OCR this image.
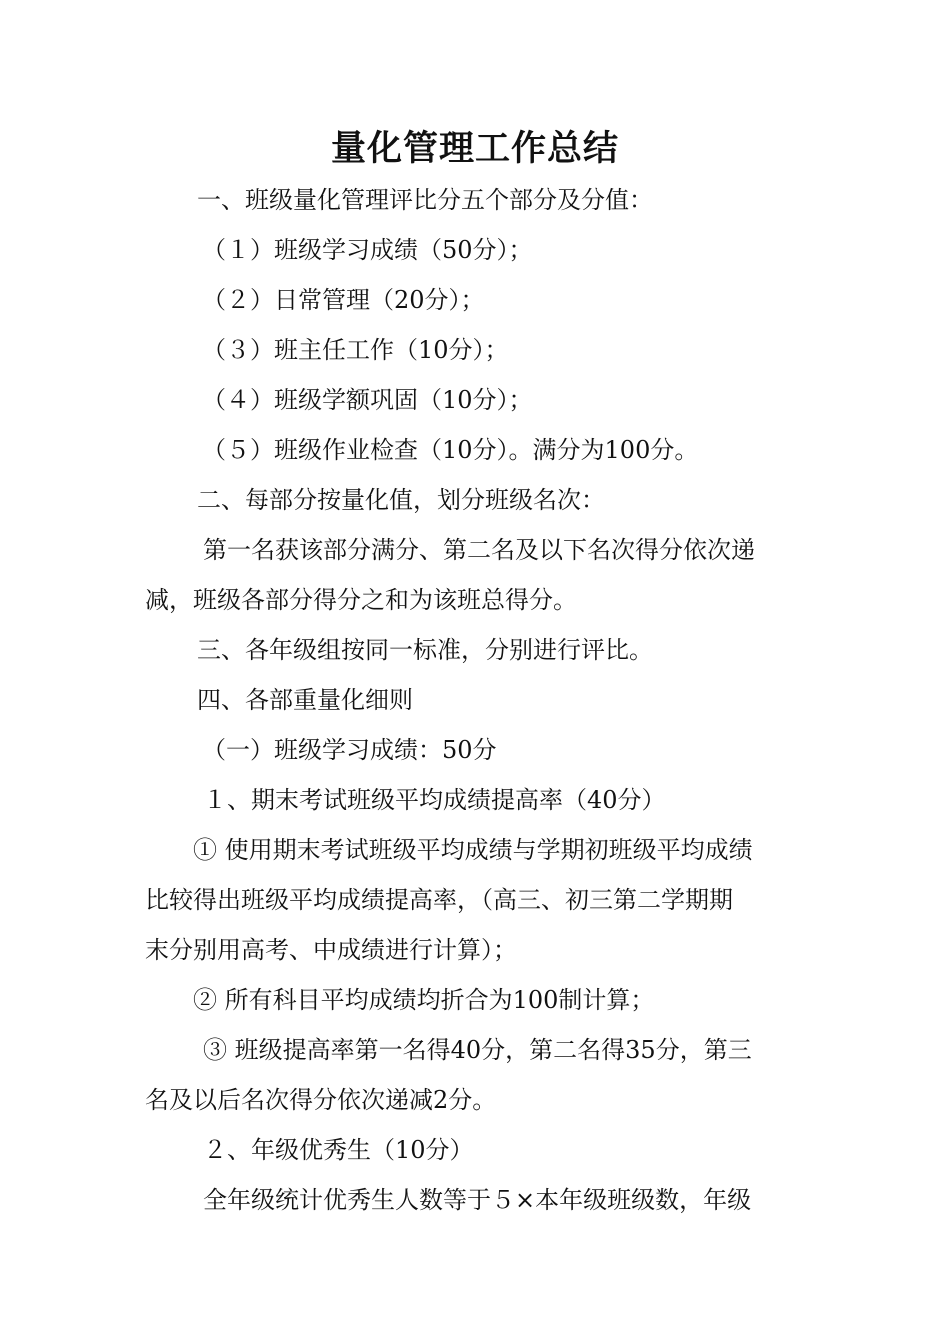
量化管理工作总结

一、班级量化管理评比分五个部分及分值：

（１）班级学习成绩（50分）；

（２）日常管理（20分）；

（３）班主任工作（10分）；

（４）班级学额巩固（10分）；

（５）班级作业检查（10分）。满分为100分。

二、每部分按量化值，划分班级名次：

第一名获该部分满分、第二名及以下名次得分依次递

减，班级各部分得分之和为该班总得分。

三、各年级组按同一标准，分别进行评比。

四、各部重量化细则

（一）班级学习成绩：50分

１、期末考试班级平均成绩提高率（40分）

① 使用期末考试班级平均成绩与学期初班级平均成绩

比较得出班级平均成绩提高率，（高三、初三第二学期期

末分别用高考、中成绩进行计算）；

② 所有科目平均成绩均折合为100制计算；

③ 班级提高率第一名得40分，第二名得35分，第三

名及以后名次得分依次递减2分。

２、年级优秀生（10分）

全年级统计优秀生人数等于５×本年级班级数，年级
